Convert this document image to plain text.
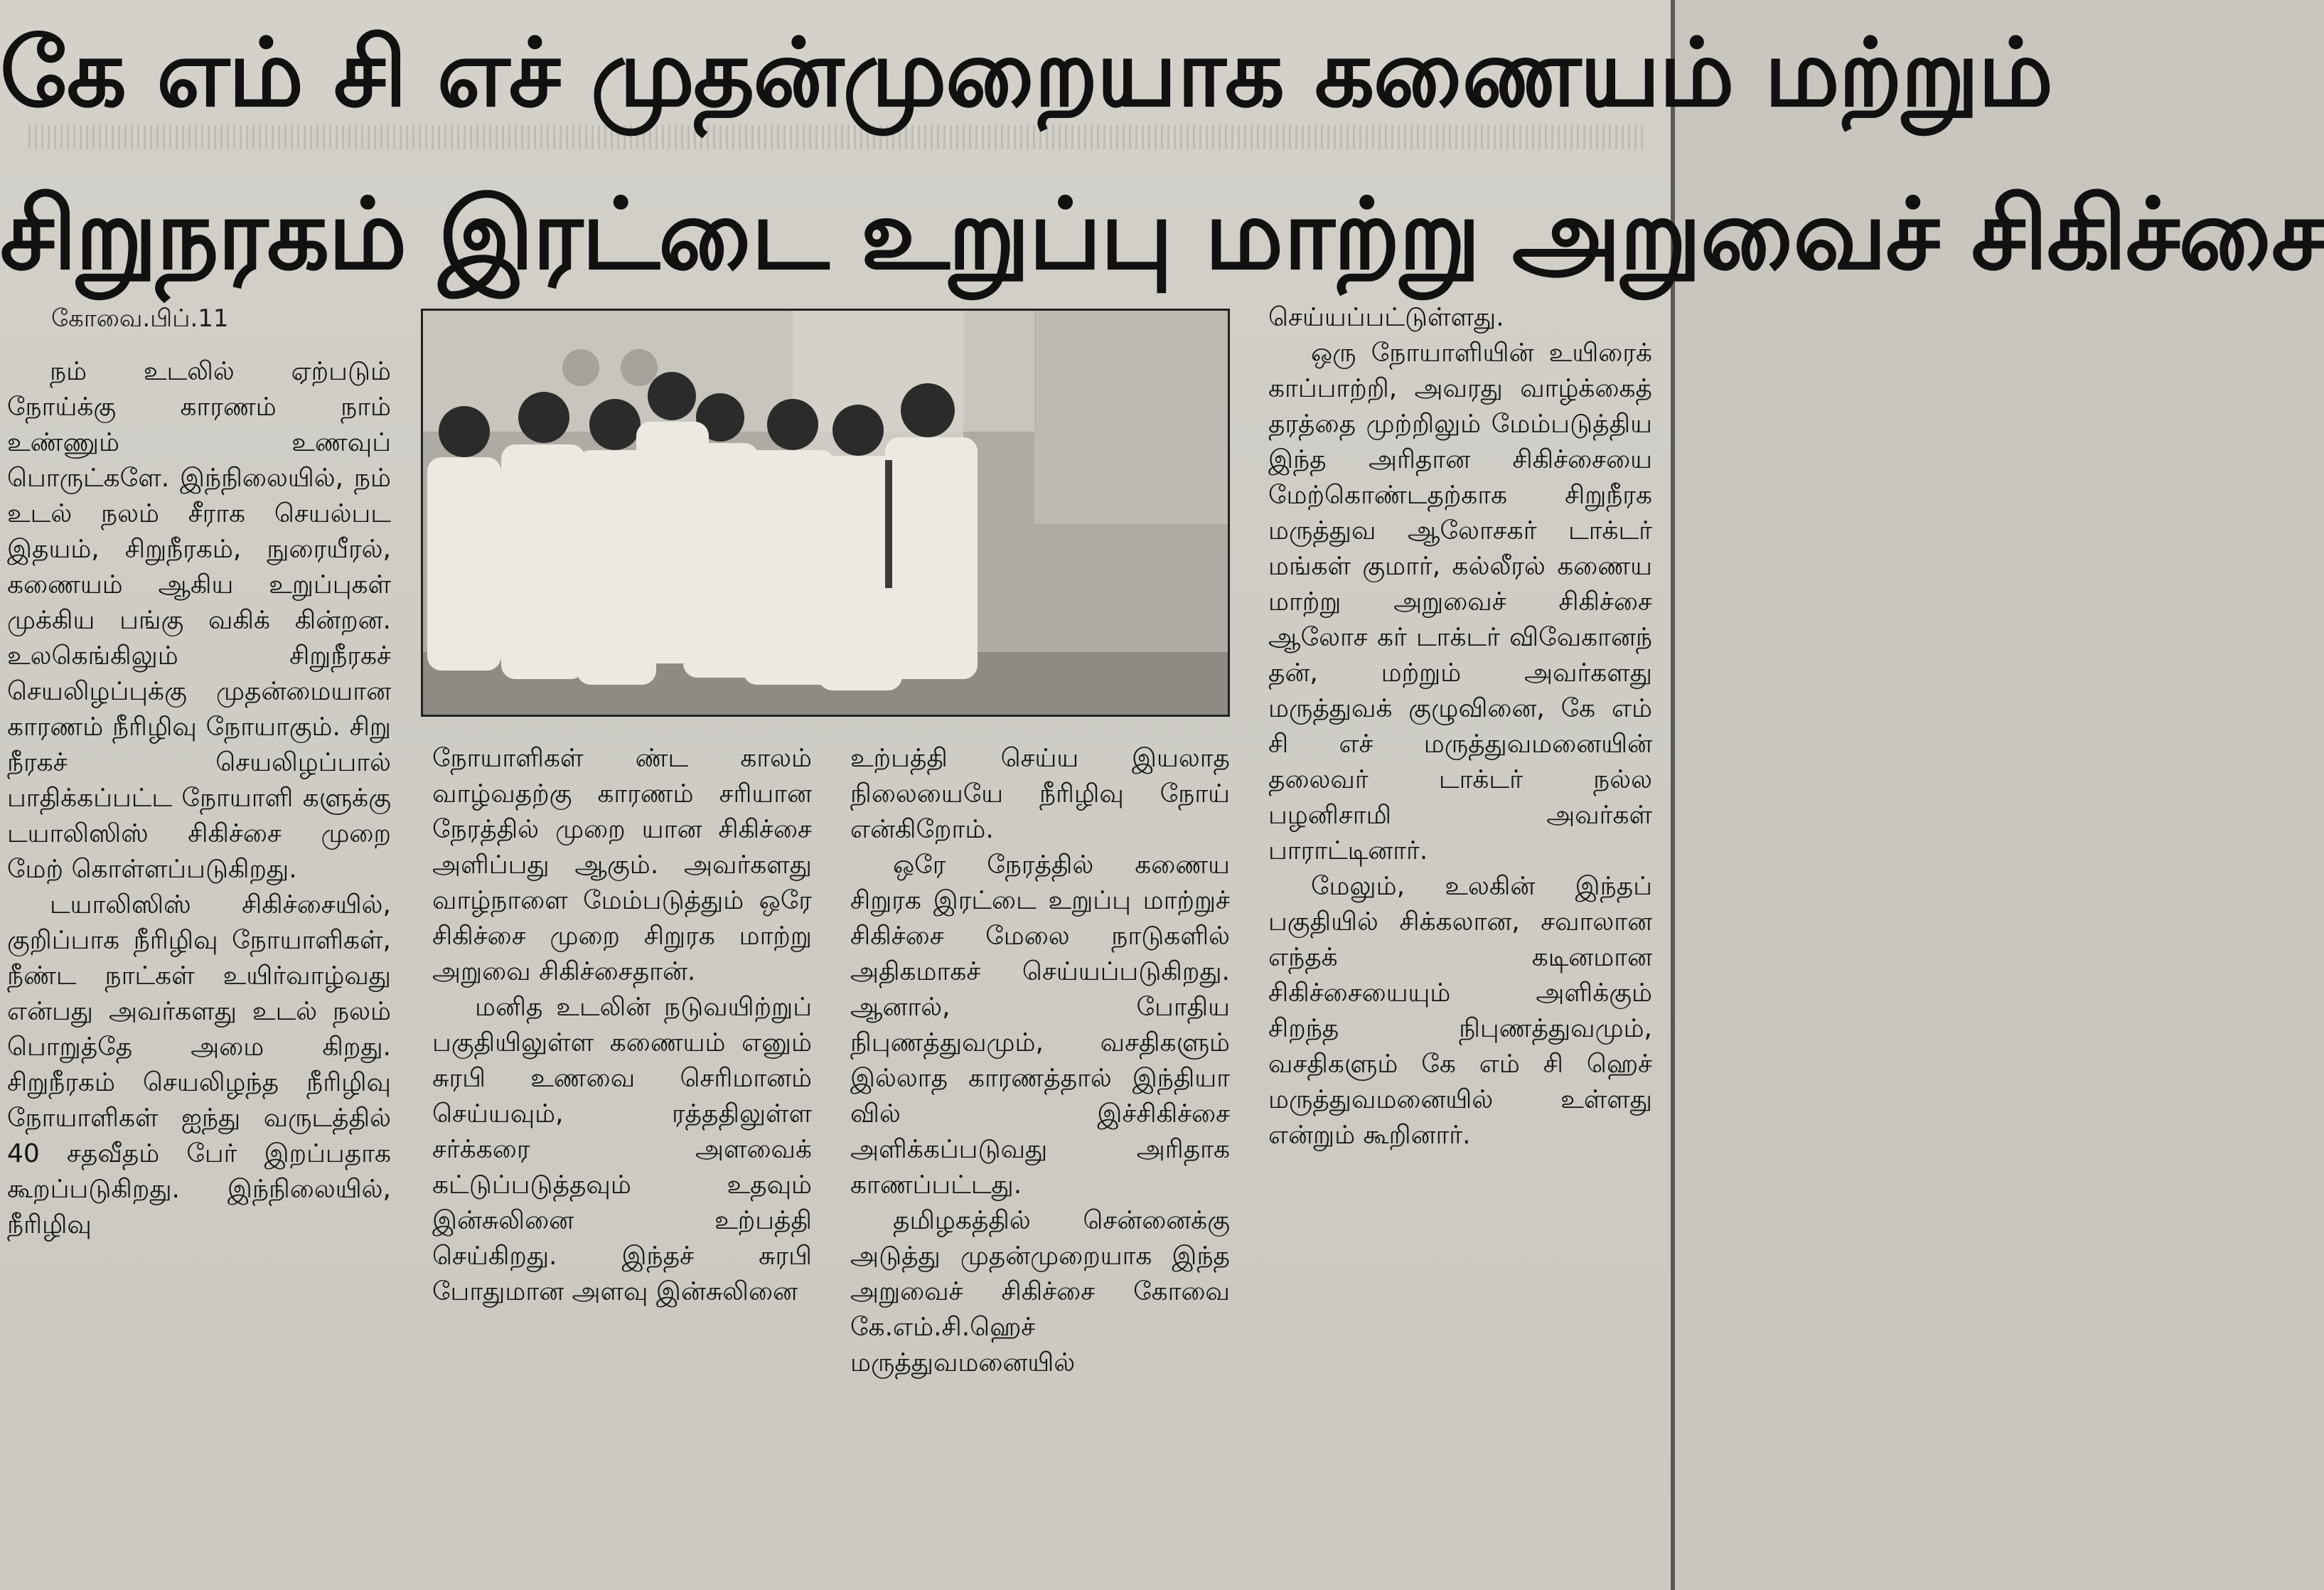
கே எம் சி எச் முதன்முறையாக கணையம் மற்றும்
சிறுநரகம் இரட்டை உறுப்பு மாற்று அறுவைச் சிகிச்சை
கோவை.பிப்.11

நம் உடலில் ஏற்படும் நோய்க்கு காரணம் நாம் உண்ணும் உணவுப் பொருட்களே. இந்நிலையில், நம் உடல் நலம் சீராக செயல்பட இதயம், சிறுநீரகம், நுரையீரல், கணையம் ஆகிய உறுப்புகள் முக்கிய பங்கு வகிக் கின்றன. உலகெங்கிலும் சிறுநீரகச் செயலிழப்புக்கு முதன்மையான காரணம் நீரிழிவு நோயாகும். சிறு நீரகச் செயலிழப்பால் பாதிக்கப்பட்ட நோயாளி களுக்கு டயாலிஸிஸ் சிகிச்சை முறை மேற் கொள்ளப்படுகிறது.

டயாலிஸிஸ் சிகிச்சையில், குறிப்பாக நீரிழிவு நோயாளிகள், நீண்ட நாட்கள் உயிர்வாழ்வது என்பது அவர்களது உடல் நலம் பொறுத்தே அமை கிறது. சிறுநீரகம் செயலிழந்த நீரிழிவு நோயாளிகள் ஐந்து வருடத்தில் 40 சதவீதம் பேர் இறப்பதாக கூறப்படுகிறது. இந்நிலையில், நீரிழிவு

நோயாளிகள் ண்ட காலம் வாழ்வதற்கு காரணம் சரியான நேரத்தில் முறை யான சிகிச்சை அளிப்பது ஆகும். அவர்களது வாழ்நாளை மேம்படுத்தும் ஒரே சிகிச்சை முறை சிறுரக மாற்று அறுவை சிகிச்சைதான்.

மனித உடலின் நடுவயிற்றுப் பகுதியிலுள்ள கணையம் எனும் சுரபி உணவை செரிமானம் செய்யவும், ரத்ததிலுள்ள சர்க்கரை அளவைக் கட்டுப்படுத்தவும் உதவும் இன்சுலினை உற்பத்தி செய்கிறது. இந்தச் சுரபி போதுமான அளவு இன்சுலினை

உற்பத்தி செய்ய இயலாத நிலையையே நீரிழிவு நோய் என்கிறோம்.

ஒரே நேரத்தில் கணைய சிறுரக இரட்டை உறுப்பு மாற்றுச் சிகிச்சை மேலை நாடுகளில் அதிகமாகச் செய்யப்படுகிறது. ஆனால், போதிய நிபுணத்துவமும், வசதிகளும் இல்லாத காரணத்தால் இந்தியா வில் இச்சிகிச்சை அளிக்கப்படுவது அரிதாக காணப்பட்டது.

தமிழகத்தில் சென்னைக்கு அடுத்து முதன்முறையாக இந்த அறுவைச் சிகிச்சை கோவை கே.எம்.சி.ஹெச் மருத்துவமனையில்

செய்யப்பட்டுள்ளது.

ஒரு நோயாளியின் உயிரைக் காப்பாற்றி, அவரது வாழ்க்கைத் தரத்தை முற்றிலும் மேம்படுத்திய இந்த அரிதான சிகிச்சையை மேற்கொண்டதற்காக சிறுநீரக மருத்துவ ஆலோசகர் டாக்டர் மங்கள் குமார், கல்லீரல் கணைய மாற்று அறுவைச் சிகிச்சை ஆலோச கர் டாக்டர் விவேகானந் தன், மற்றும் அவர்களது மருத்துவக் குழுவினை, கே எம் சி எச் மருத்துவமனையின் தலைவர் டாக்டர் நல்ல பழனிசாமி அவர்கள் பாராட்டினார்.

மேலும், உலகின் இந்தப் பகுதியில் சிக்கலான, சவாலான எந்தக் கடினமான சிகிச்சையையும் அளிக்கும் சிறந்த நிபுணத்துவமும், வசதிகளும் கே எம் சி ஹெச் மருத்துவமனையில் உள்ளது என்றும் கூறினார்.
